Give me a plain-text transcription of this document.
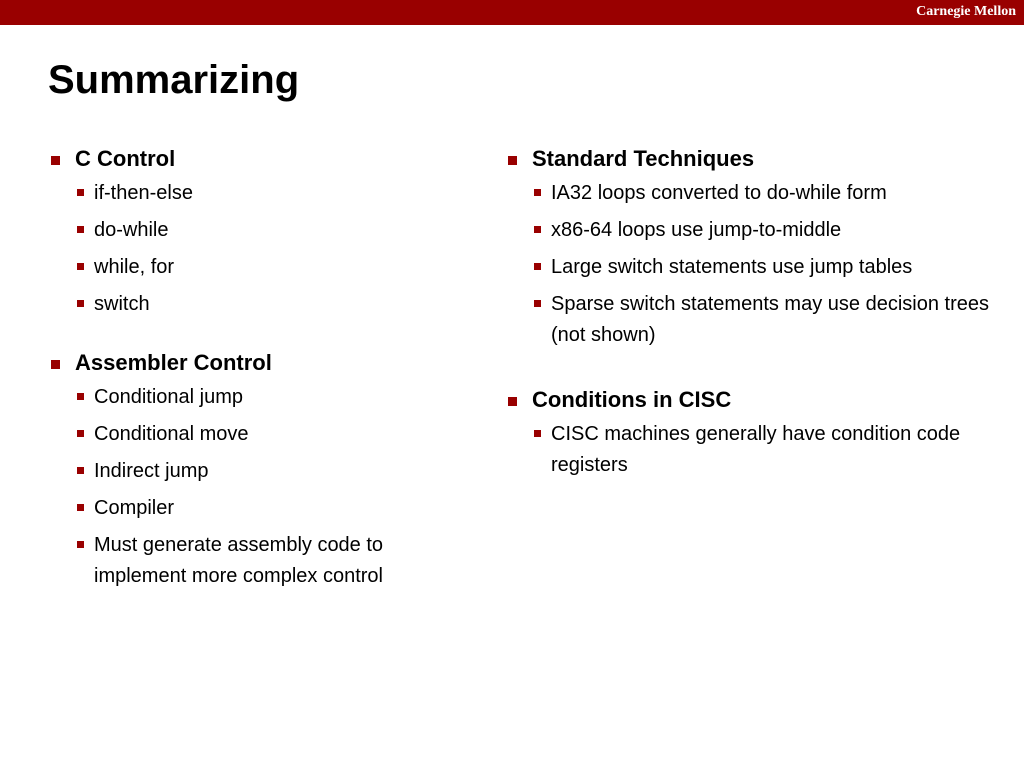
Carnegie Mellon
Summarizing
C Control
if-then-else
do-while
while, for
switch
Assembler Control
Conditional jump
Conditional move
Indirect jump
Compiler
Must generate assembly code to implement more complex control
Standard Techniques
IA32 loops converted to do-while form
x86-64 loops use jump-to-middle
Large switch statements use jump tables
Sparse switch statements may use decision trees (not shown)
Conditions in CISC
CISC machines generally have condition code registers
